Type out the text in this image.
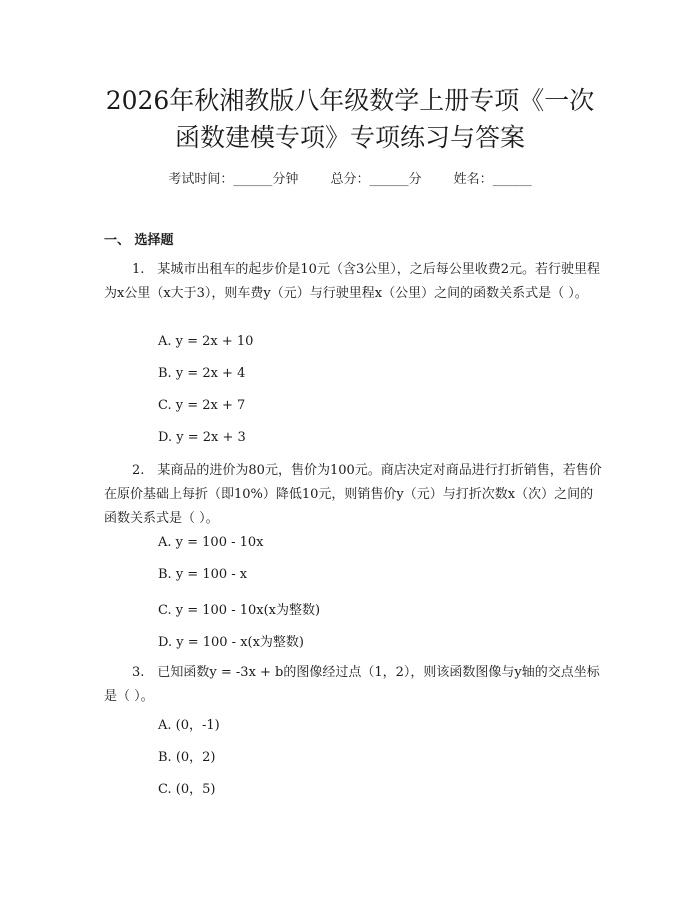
2026年秋湘教版八年级数学上册专项《一次
函数建模专项》专项练习与答案
考试时间：______分钟 总分：______分 姓名：______
一、 选择题

1.　某城市出租车的起步价是10元（含3公里），之后每公里收费2元。若行驶里程为x公里（x大于3），则车费y（元）与行驶里程x（公里）之间的函数关系式是（ ）。

A. y = 2x + 10
B. y = 2x + 4
C. y = 2x + 7
D. y = 2x + 3

2.　某商品的进价为80元，售价为100元。商店决定对商品进行打折销售，若售价在原价基础上每折（即10%）降低10元，则销售价y（元）与打折次数x（次）之间的函数关系式是（ ）。

A. y = 100 - 10x
B. y = 100 - x
C. y = 100 - 10x(x为整数)
D. y = 100 - x(x为整数)

3.　已知函数y = -3x + b的图像经过点（1，2），则该函数图像与y轴的交点坐标是（ ）。

A. (0，-1)
B. (0，2)
C. (0，5)
